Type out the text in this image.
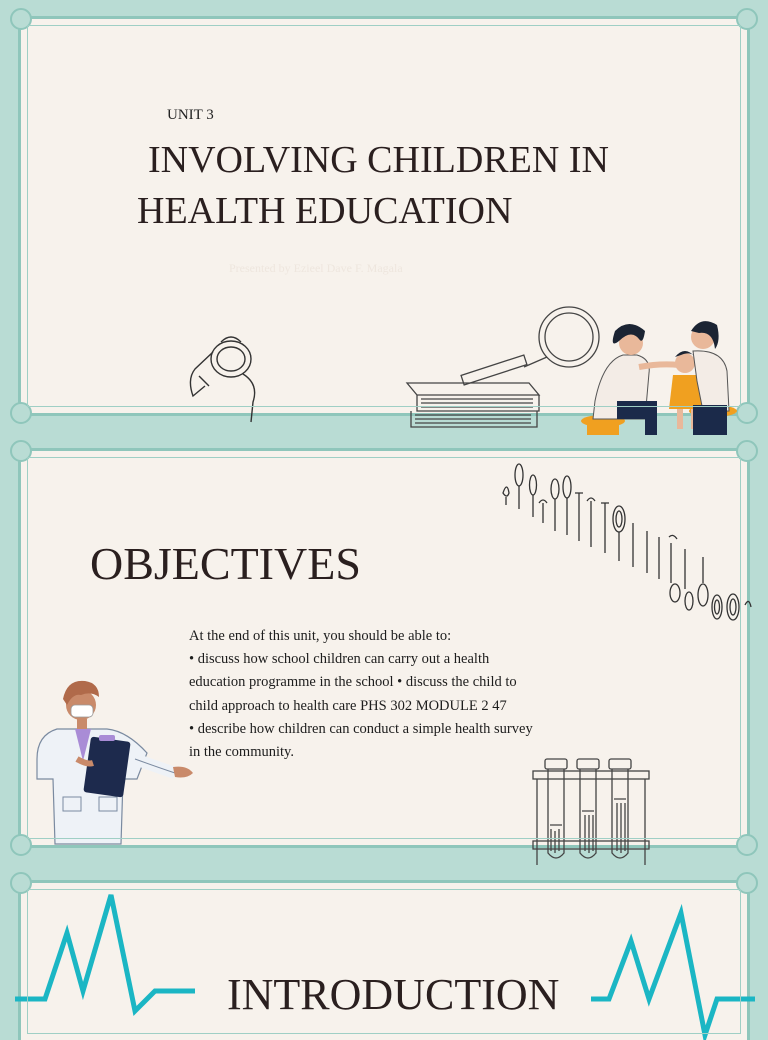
UNIT 3
INVOLVING CHILDREN IN
HEALTH EDUCATION
Presented by Ezieel Dave F. Magala
OBJECTIVES

At the end of this unit, you should be able to:

• discuss how school children can carry out a health

education programme in the school • discuss the child to

child approach to health care PHS 302 MODULE 2 47

• describe how children can conduct a simple health survey

in the community.

INTRODUCTION
